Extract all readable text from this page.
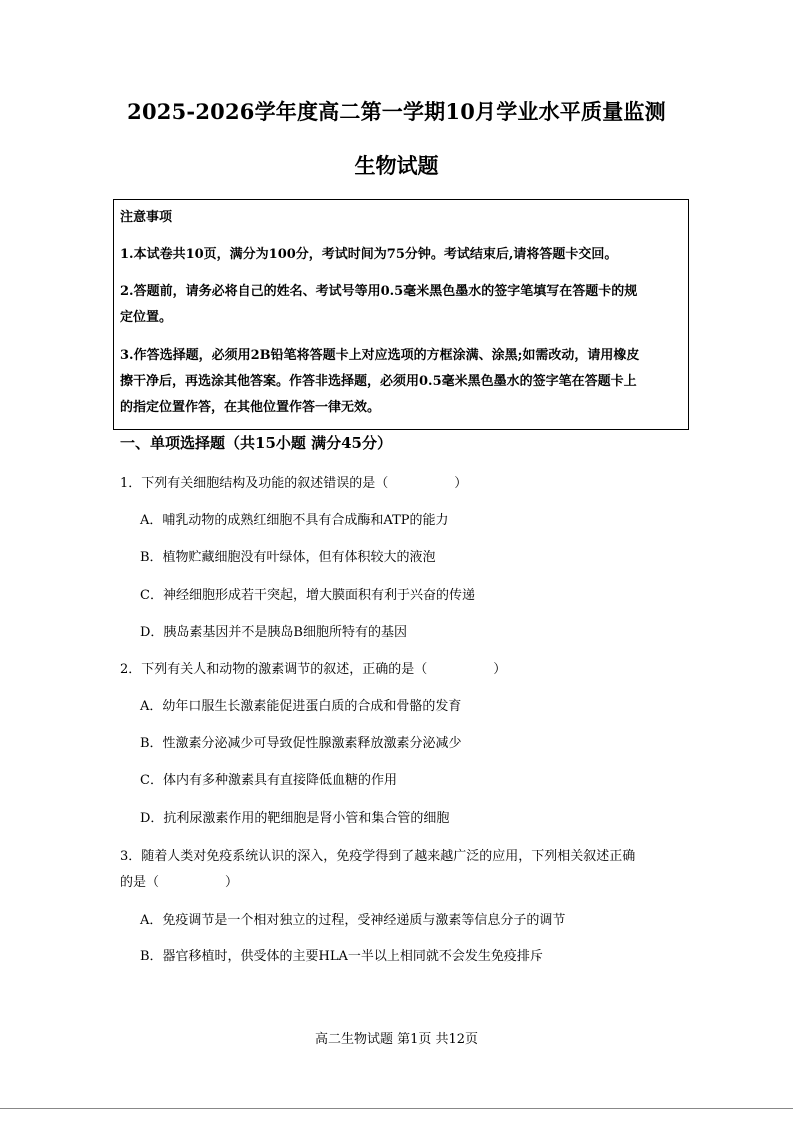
2025-2026学年度高二第一学期10月学业水平质量监测
生物试题
注意事项
1.本试卷共10页，满分为100分，考试时间为75分钟。考试结束后,请将答题卡交回。
2.答题前，请务必将自己的姓名、考试号等用0.5毫米黑色墨水的签字笔填写在答题卡的规
定位置。
3.作答选择题，必须用2B铅笔将答题卡上对应选项的方框涂满、涂黑;如需改动，请用橡皮
擦干净后，再选涂其他答案。作答非选择题，必须用0.5毫米黑色墨水的签字笔在答题卡上
的指定位置作答，在其他位置作答一律无效。
一、单项选择题（共15小题 满分45分）
1．下列有关细胞结构及功能的叙述错误的是（	）
A．哺乳动物的成熟红细胞不具有合成酶和ATP的能力
B．植物贮藏细胞没有叶绿体，但有体积较大的液泡
C．神经细胞形成若干突起，增大膜面积有利于兴奋的传递
D．胰岛素基因并不是胰岛B细胞所特有的基因
2．下列有关人和动物的激素调节的叙述，正确的是（	）
A．幼年口服生长激素能促进蛋白质的合成和骨骼的发育
B．性激素分泌减少可导致促性腺激素释放激素分泌减少
C．体内有多种激素具有直接降低血糖的作用
D．抗利尿激素作用的靶细胞是肾小管和集合管的细胞
3．随着人类对免疫系统认识的深入，免疫学得到了越来越广泛的应用，下列相关叙述正确
的是（	）
A．免疫调节是一个相对独立的过程，受神经递质与激素等信息分子的调节
B．器官移植时，供受体的主要HLA一半以上相同就不会发生免疫排斥
高二生物试题 第1页 共12页
